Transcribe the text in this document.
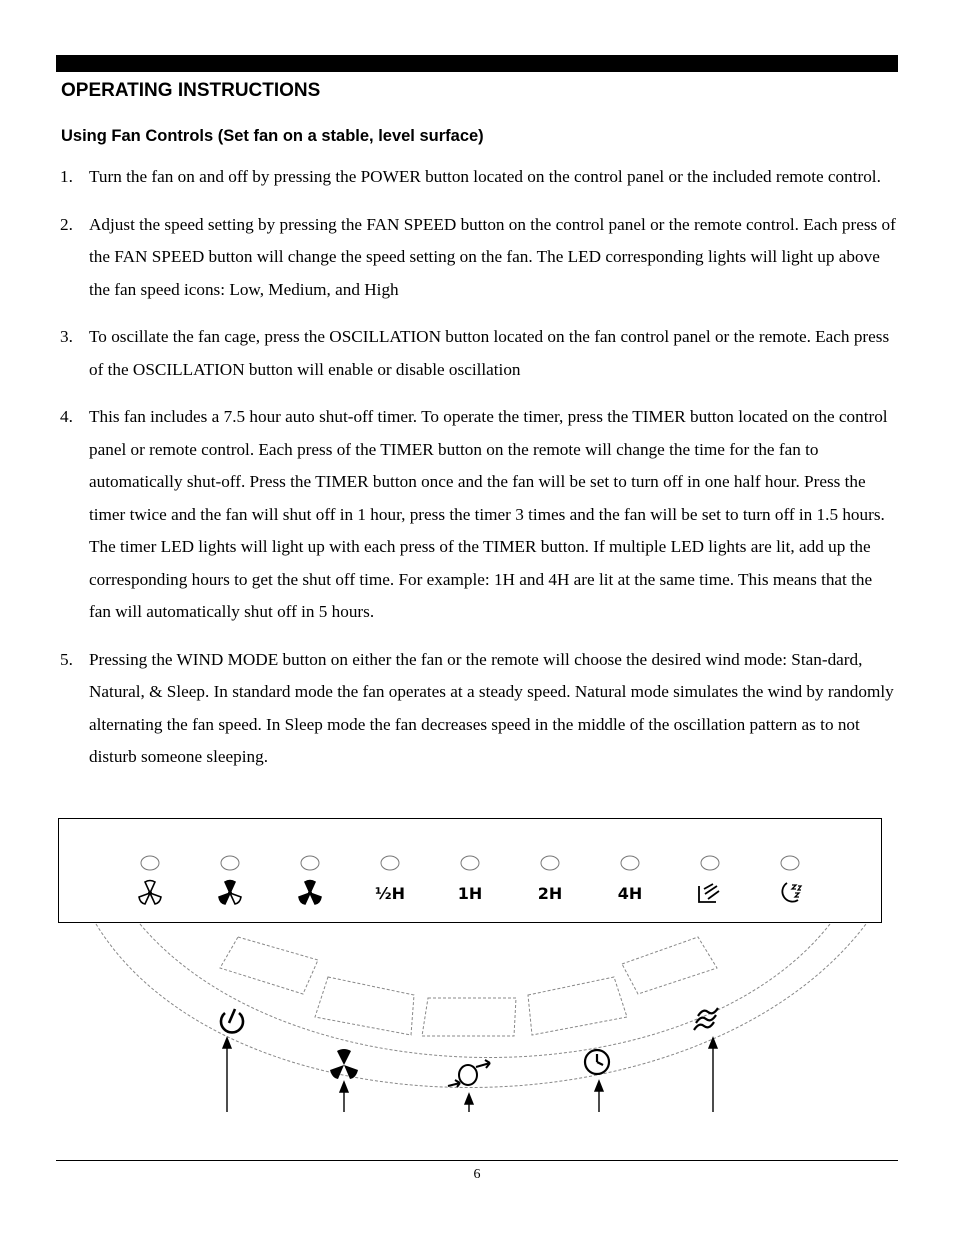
OPERATING INSTRUCTIONS
Using Fan Controls (Set fan on a stable, level surface)
1. Turn the fan on and off by pressing the POWER button located on the control panel or the included remote control.
2. Adjust the speed setting by pressing the FAN SPEED button on the control panel or the remote control. Each press of the FAN SPEED button will change the speed setting on the fan. The LED corresponding lights will light up above the fan speed icons: Low, Medium, and High
3. To oscillate the fan cage, press the OSCILLATION button located on the fan control panel or the remote. Each press of the OSCILLATION button will enable or disable oscillation
4. This fan includes a 7.5 hour auto shut-off timer. To operate the timer, press the TIMER button located on the control panel or remote control. Each press of the TIMER button on the remote will change the time for the fan to automatically shut-off. Press the TIMER button once and the fan will be set to turn off in one half hour. Press the timer twice and the fan will shut off in 1 hour, press the timer 3 times and the fan will be set to turn off in 1.5 hours. The timer LED lights will light up with each press of the TIMER button. If multiple LED lights are lit, add up the corresponding hours to get the shut off time. For example: 1H and 4H are lit at the same time. This means that the fan will automatically shut off in 5 hours.
5. Pressing the WIND MODE button on either the fan or the remote will choose the desired wind mode: Stan-dard, Natural, & Sleep. In standard mode the fan operates at a steady speed. Natural mode simulates the wind by randomly alternating the fan speed. In Sleep mode the fan decreases speed in the middle of the oscillation pattern as to not disturb someone sleeping.
½H	1H	2H	4H
6
